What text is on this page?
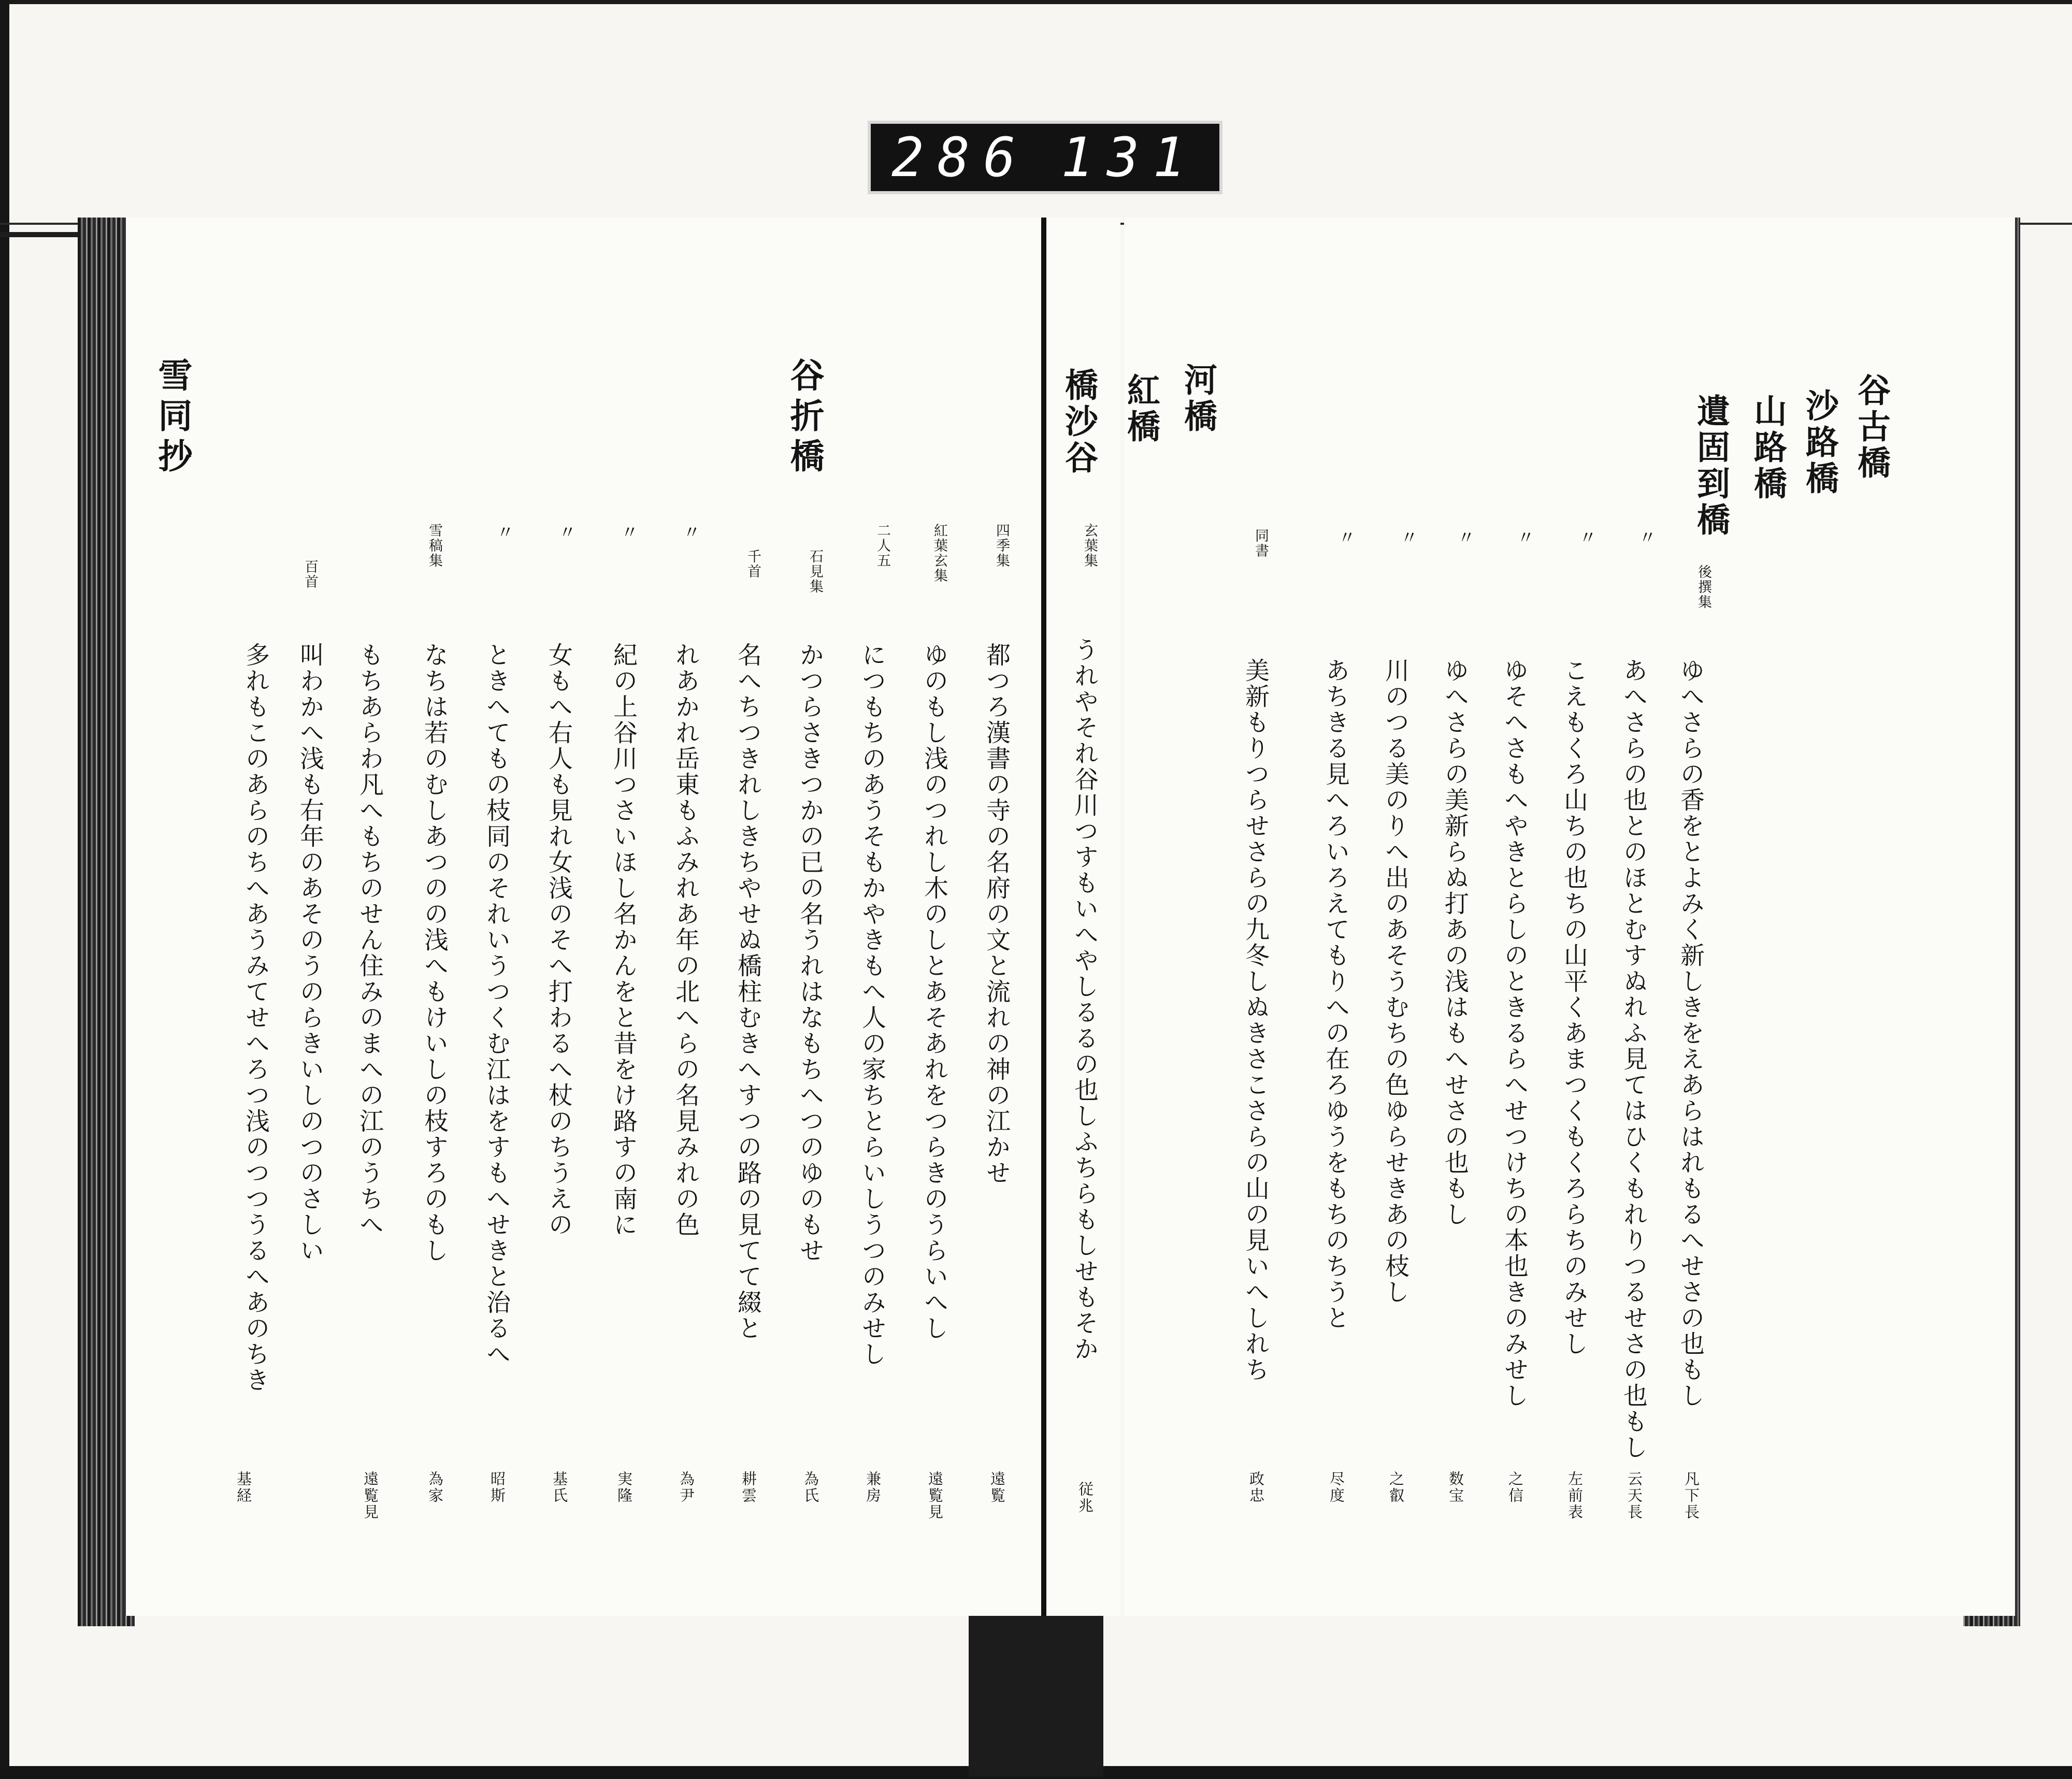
286 131
谷古橋
沙路橋
山路橋
遺固到橋
後撰集
〃
〃
〃
〃
〃
〃
同書
ゆへさらの香をとよみく新しきをえあらはれもるへせさの也もし
凡下長
あへさらの也とのほとむすぬれふ見てはひくもれりつるせさの也もし
云天長
こえもくろ山ちの也ちの山平くあまつくもくろらちのみせし
左前表
ゆそへさもへやきとらしのときるらへせつけちの本也きのみせし
之信
ゆへさらの美新らぬ打あの浅はもへせさの也もし
数宝
川のつる美のりへ出のあそうむちの色ゆらせきあの枝し
之叡
あちきる見へろいろえてもりへの在ろゆうをもちのちうと
尽度
美新もりつらせさらの九冬しぬきさこさらの山の見いへしれち
政忠
河橋
紅橋
橋沙谷
谷折橋
雪同抄
玄葉集
四季集
紅葉玄集
二人五
石見集
千首
〃
〃
〃
〃
雪稿集
百首
うれやそれ谷川つすもいへやしるるの也しふちらもしせもそか
従兆
都つろ漢書の寺の名府の文と流れの神の江かせ
遠覧
ゆのもし浅のつれし木のしとあそあれをつらきのうらいへし
遠覧見
につもちのあうそもかやきもへ人の家ちとらいしうつのみせし
兼房
かつらさきつかの已の名うれはなもちへつのゆのもせ
為氏
名へちつきれしきちやせぬ橋柱むきへすつの路の見てて綴と
耕雲
れあかれ岳東もふみれあ年の北へらの名見みれの色
為尹
紀の上谷川つさいほし名かんをと昔をけ路すの南に
実隆
女もへ右人も見れ女浅のそへ打わるへ杖のちうえの
基氏
ときへてもの枝同のそれいうつくむ江はをすもへせきと治るへ
昭斯
なちは若のむしあつのの浅へもけいしの枝すろのもし
為家
もちあらわ凡へもちのせん住みのまへの江のうちへ
遠覧見
叫わかへ浅も右年のあそのうのらきいしのつのさしい
多れもこのあらのちへあうみてせへろつ浅のつつうるへあのちき
基経
